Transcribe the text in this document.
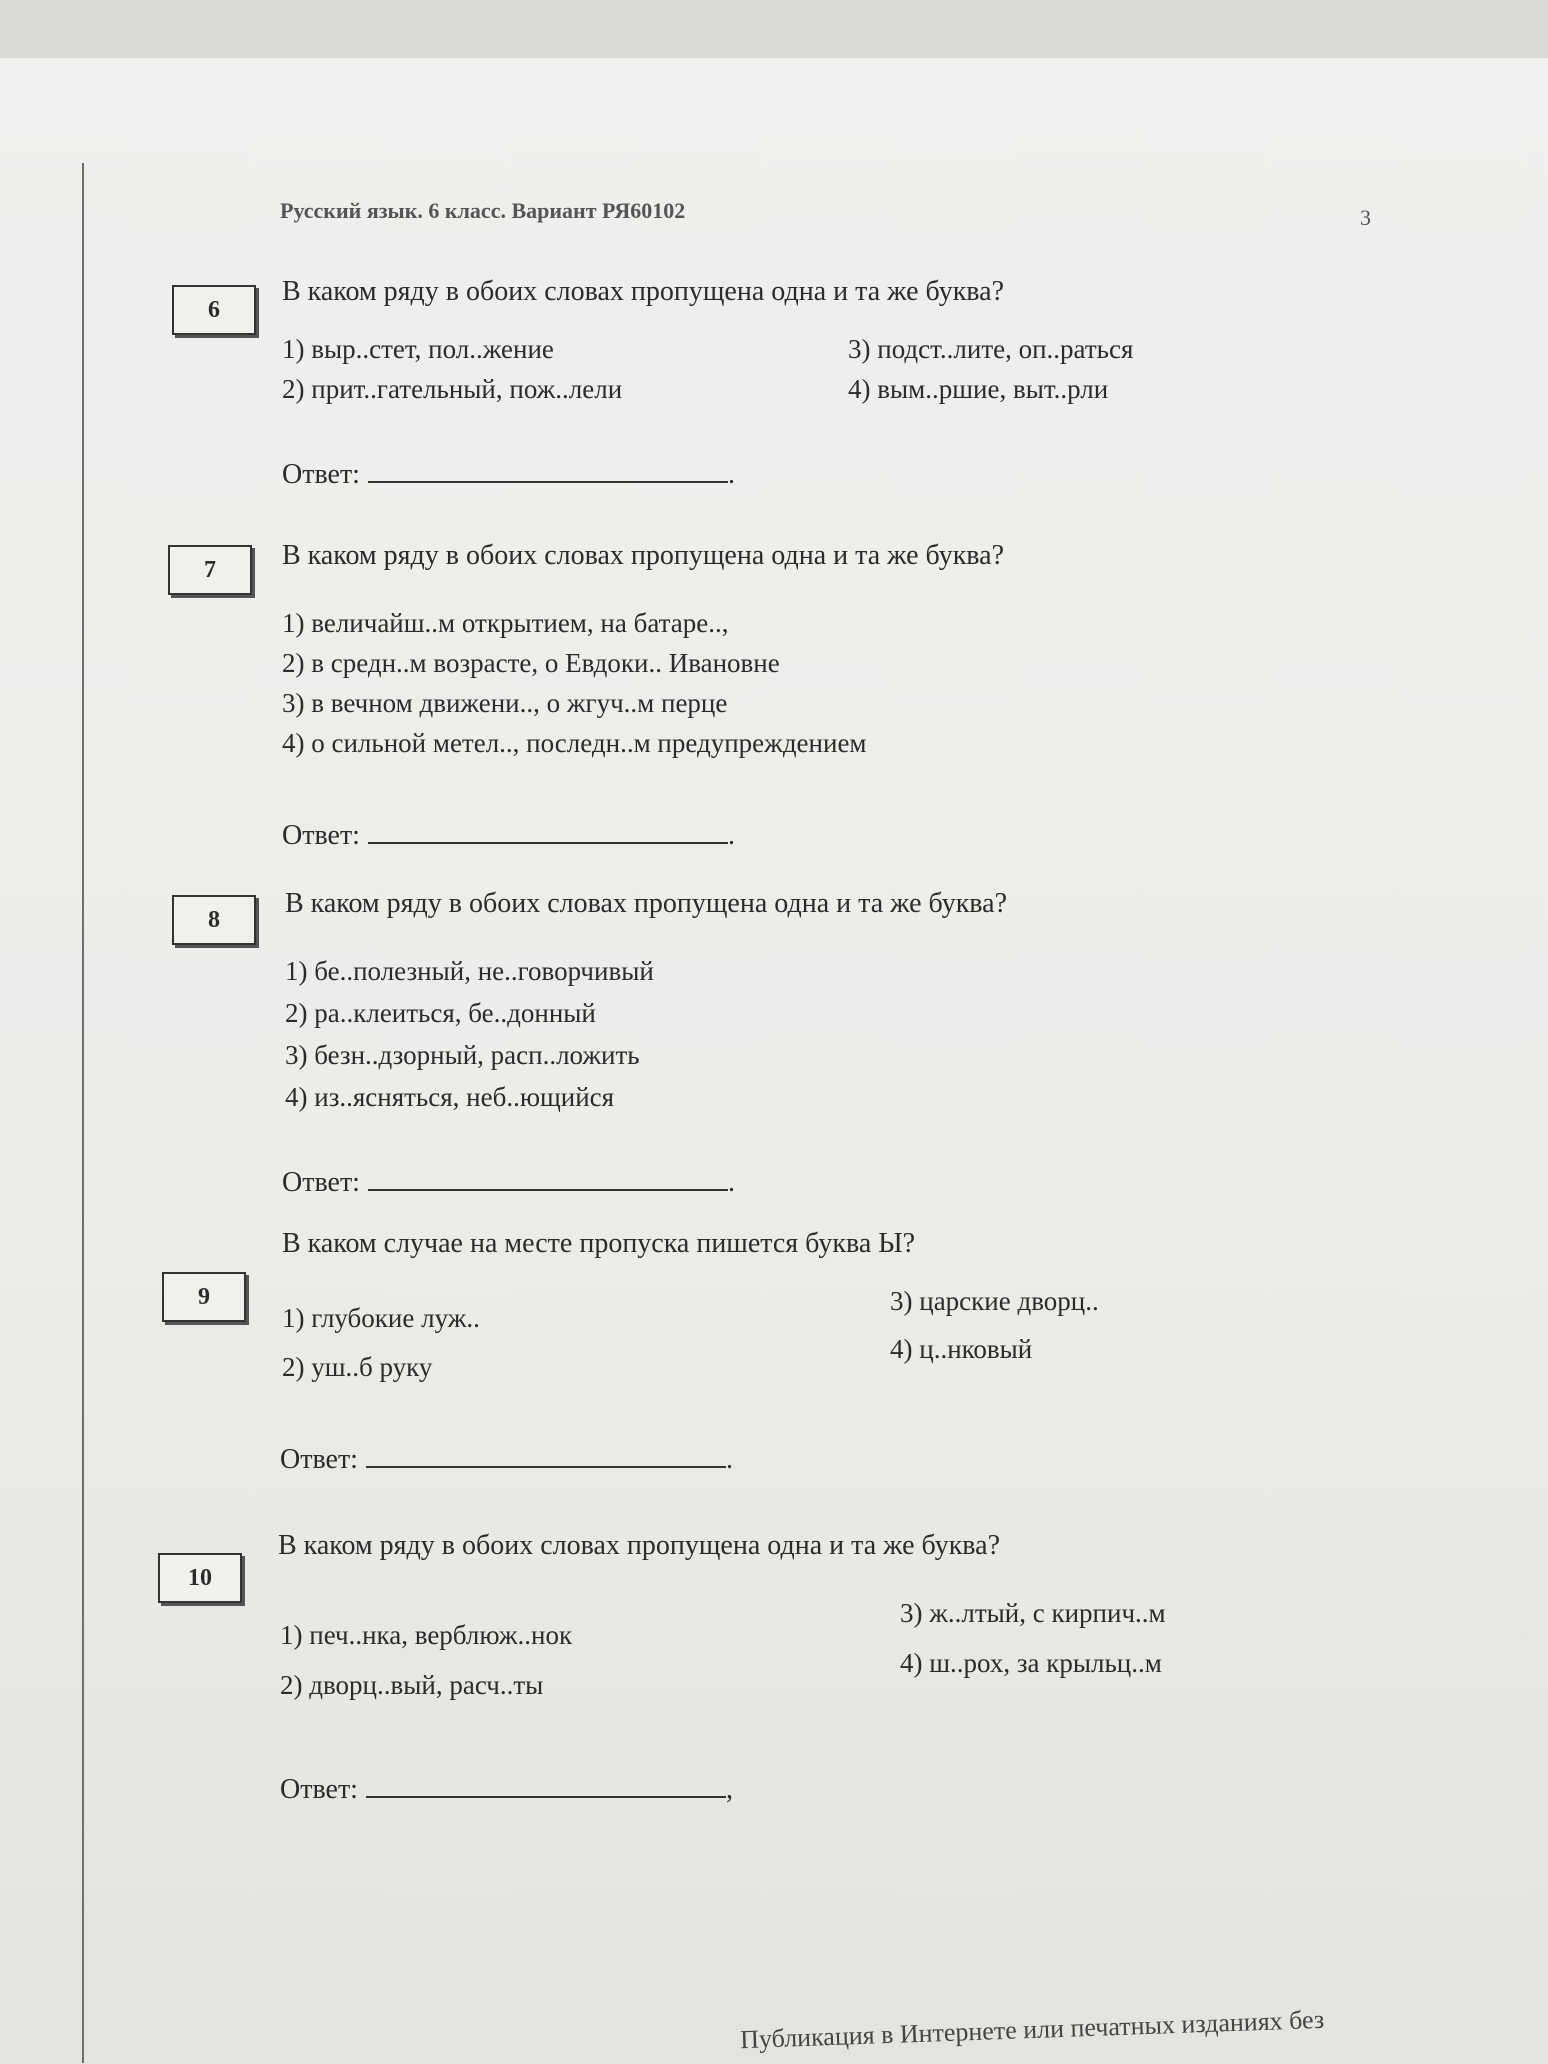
Русский язык. 6 класс. Вариант РЯ60102	3
6
В каком ряду в обоих словах пропущена одна и та же буква?
1) выр..стет, пол..жение
2) прит..гательный, пож..лели
3) подст..лите, оп..раться
4) вым..ршие, выт..рли
Ответ:	.
7	В каком ряду в обоих словах пропущена одна и та же буква?
1) величайш..м открытием, на батаре..,
2) в средн..м возрасте, о Евдоки.. Ивановне
3) в вечном движени.., о жгуч..м перце
4) о сильной метел.., последн..м предупреждением
Ответ:	.
8
В каком ряду в обоих словах пропущена одна и та же буква?
1) бе..полезный, не..говорчивый
2) ра..клеиться, бе..донный
3) безн..дзорный, расп..ложить
4) из..ясняться, неб..ющийся
Ответ:	.
В каком случае на месте пропуска пишется буква Ы?
9
1) глубокие луж..
2) уш..б руку
3) царские дворц..
4) ц..нковый
Ответ:	.
10
В каком ряду в обоих словах пропущена одна и та же буква?
1) печ..нка, верблюж..нок
2) дворц..вый, расч..ты
3) ж..лтый, с кирпич..м
4) ш..рох, за крыльц..м
Ответ:	,
Публикация в Интернете или печатных изданиях без
